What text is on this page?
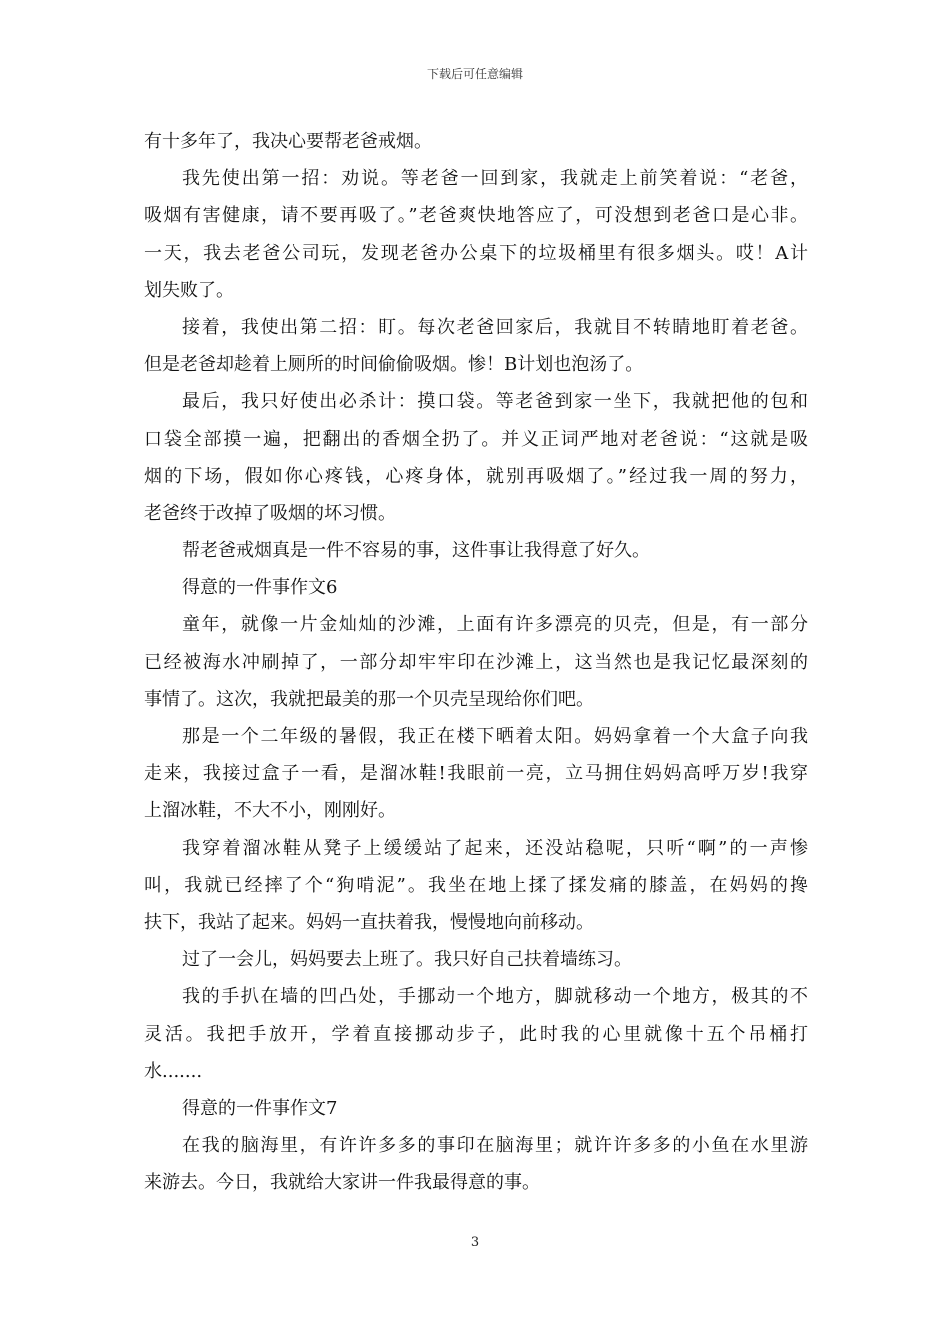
下载后可任意编辑
有十多年了，我决心要帮老爸戒烟。
我先使出第一招：劝说。等老爸一回到家，我就走上前笑着说：“老爸，
吸烟有害健康，请不要再吸了。”老爸爽快地答应了，可没想到老爸口是心非。
一天，我去老爸公司玩，发现老爸办公桌下的垃圾桶里有很多烟头。哎！A计
划失败了。
接着，我使出第二招：盯。每次老爸回家后，我就目不转睛地盯着老爸。
但是老爸却趁着上厕所的时间偷偷吸烟。惨！B计划也泡汤了。
最后，我只好使出必杀计：摸口袋。等老爸到家一坐下，我就把他的包和
口袋全部摸一遍，把翻出的香烟全扔了。并义正词严地对老爸说：“这就是吸
烟的下场，假如你心疼钱，心疼身体，就别再吸烟了。”经过我一周的努力，
老爸终于改掉了吸烟的坏习惯。
帮老爸戒烟真是一件不容易的事，这件事让我得意了好久。
得意的一件事作文6
童年，就像一片金灿灿的沙滩，上面有许多漂亮的贝壳，但是，有一部分
已经被海水冲刷掉了，一部分却牢牢印在沙滩上，这当然也是我记忆最深刻的
事情了。这次，我就把最美的那一个贝壳呈现给你们吧。
那是一个二年级的暑假，我正在楼下晒着太阳。妈妈拿着一个大盒子向我
走来，我接过盒子一看，是溜冰鞋!我眼前一亮，立马拥住妈妈高呼万岁!我穿
上溜冰鞋，不大不小，刚刚好。
我穿着溜冰鞋从凳子上缓缓站了起来，还没站稳呢，只听“啊”的一声惨
叫，我就已经摔了个“狗啃泥”。我坐在地上揉了揉发痛的膝盖，在妈妈的搀
扶下，我站了起来。妈妈一直扶着我，慢慢地向前移动。
过了一会儿，妈妈要去上班了。我只好自己扶着墙练习。
我的手扒在墙的凹凸处，手挪动一个地方，脚就移动一个地方，极其的不
灵活。我把手放开，学着直接挪动步子，此时我的心里就像十五个吊桶打
水.......
得意的一件事作文7
在我的脑海里，有许许多多的事印在脑海里；就许许多多的小鱼在水里游
来游去。今日，我就给大家讲一件我最得意的事。
3
